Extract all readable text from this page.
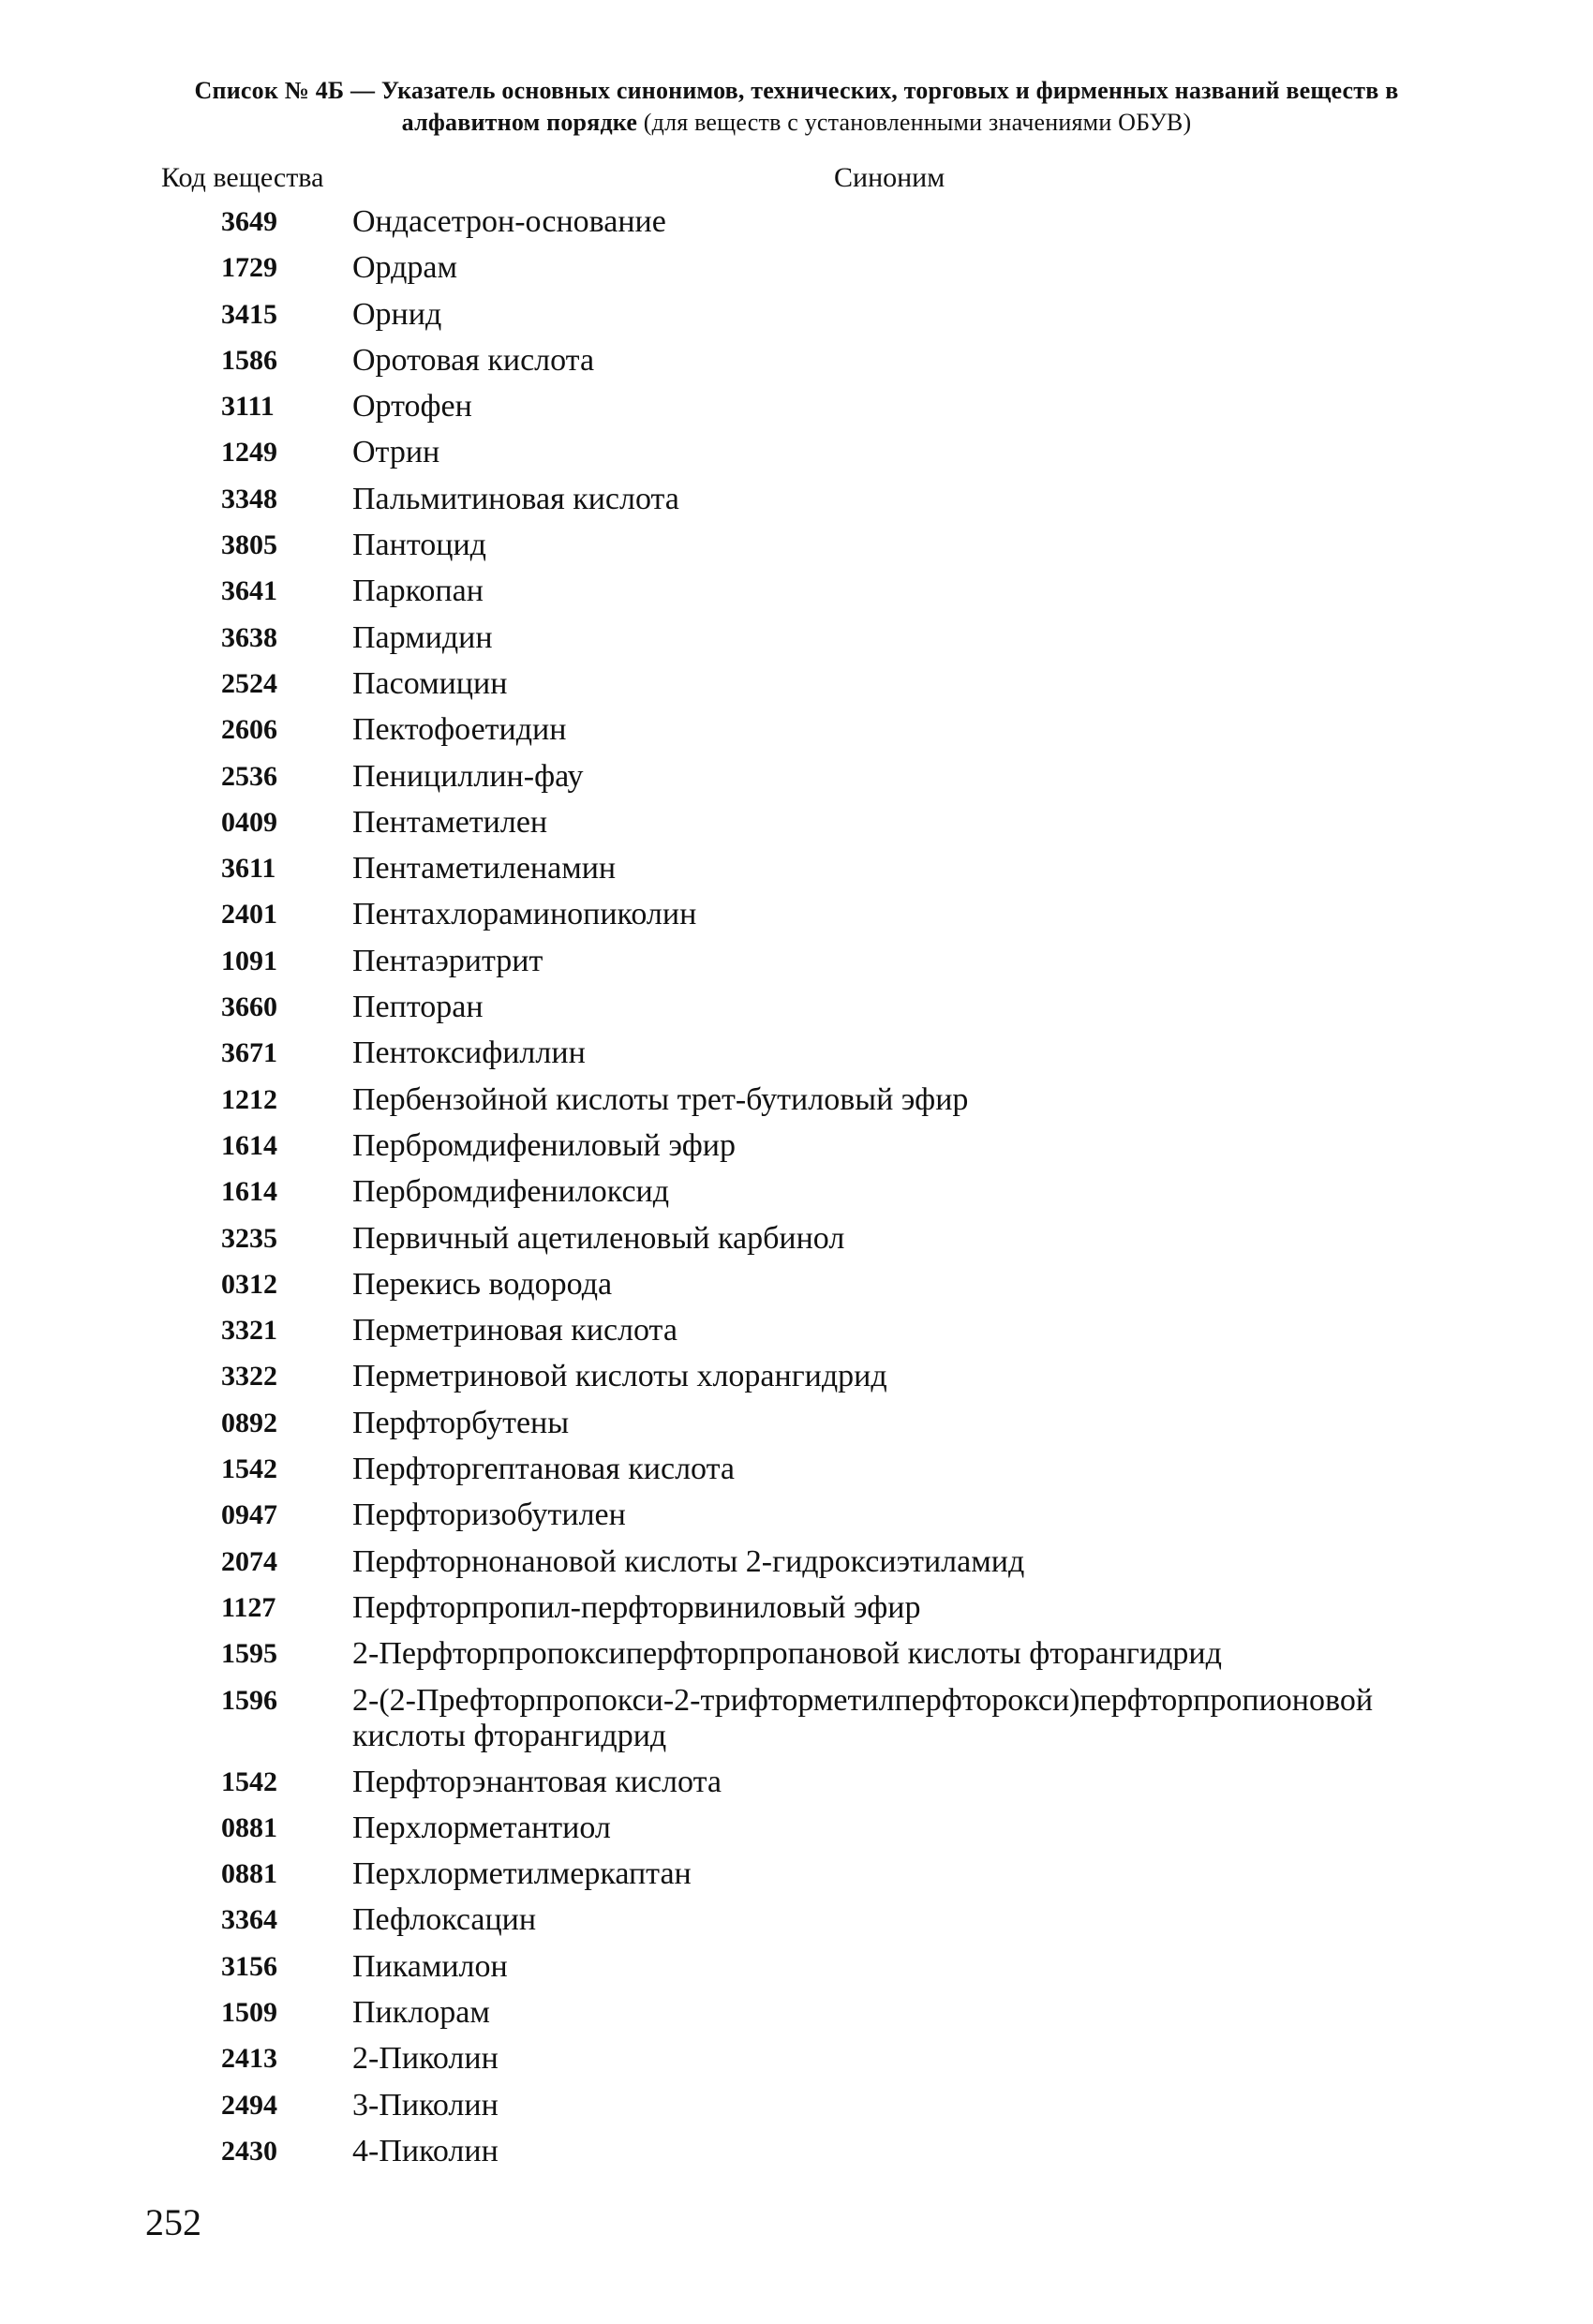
Список № 4Б — Указатель основных синонимов, технических, торговых и фирменных названий веществ в алфавитном порядке (для веществ с установленными значениями ОБУВ)
Код вещества	Синоним
3649 Ондасетрон-основание
1729 Ордрам
3415 Орнид
1586 Оротовая кислота
3111 Ортофен
1249 Отрин
3348 Пальмитиновая кислота
3805 Пантоцид
3641 Паркопан
3638 Пармидин
2524 Пасомицин
2606 Пектофоетидин
2536 Пенициллин-фау
0409 Пентаметилен
3611 Пентаметиленамин
2401 Пентахлораминопиколин
1091 Пентаэритрит
3660 Пепторан
3671 Пентоксифиллин
1212 Пербензойной кислоты трет-бутиловый эфир
1614 Пербромдифениловый эфир
1614 Пербромдифенилоксид
3235 Первичный ацетиленовый карбинол
0312 Перекись водорода
3321 Перметриновая кислота
3322 Перметриновой кислоты хлорангидрид
0892 Перфторбутены
1542 Перфторгептановая кислота
0947 Перфторизобутилен
2074 Перфторнонановой кислоты 2-гидроксиэтиламид
1127 Перфторпропил-перфторвиниловый эфир
1595 2-Перфторпропоксиперфторпропановой кислоты фторангидрид
1596 2-(2-Префторпропокси-2-трифторметилперфторокси)перфторпропионовой кислоты фторангидрид
1542 Перфторэнантовая кислота
0881 Перхлорметантиол
0881 Перхлорметилмеркаптан
3364 Пефлоксацин
3156 Пикамилон
1509 Пиклорам
2413 2-Пиколин
2494 3-Пиколин
2430 4-Пиколин
252
